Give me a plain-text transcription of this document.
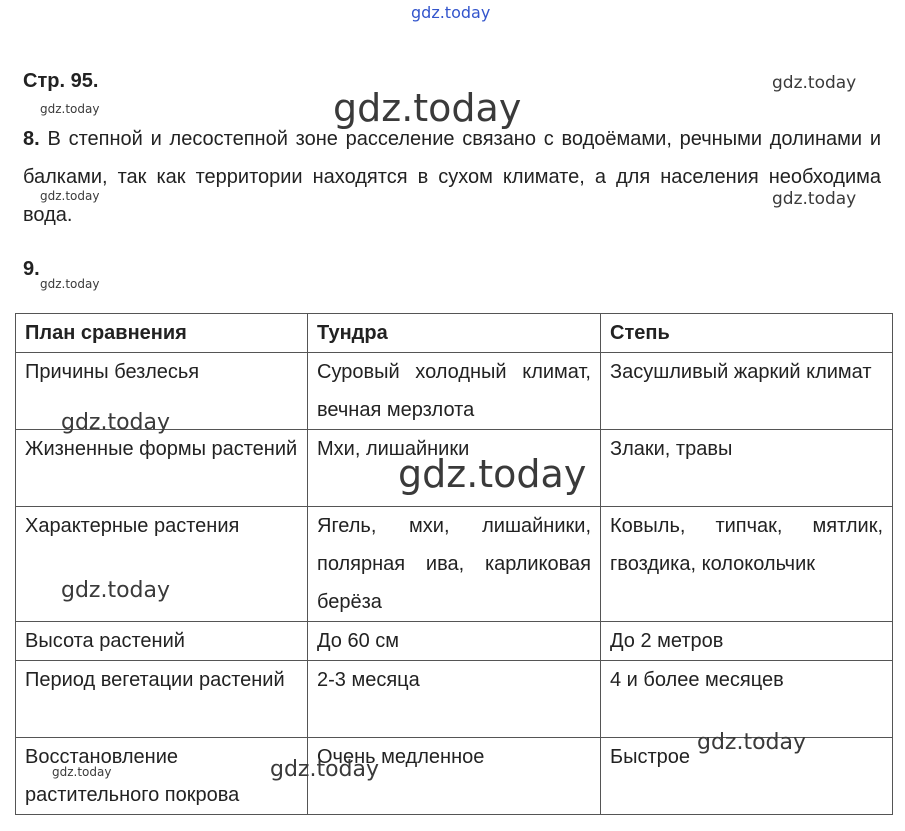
gdz.today
gdz.today
gdz.today	gdz.today
gdz.today	gdz.today
gdz.today
Стр. 95.
8. В степной и лесостепной зоне расселение связано с водоёмами, речными долинами и балками, так как территории находятся в сухом климате, а для населения необходима вода.
9.
План сравнения	Тундра	Степь
Причины безлесья	Суровый холодный климат, вечная мерзлота	Засушливый жаркий климат
Жизненные формы растений	Мхи, лишайники	Злаки, травы
Характерные растения	Ягель, мхи, лишайники, полярная ива, карликовая берёза	Ковыль, типчак, мятлик, гвоздика, колокольчик
Высота растений	До 60 см	До 2 метров
Период вегетации растений	2-3 месяца	4 и более месяцев
Восстановление растительного покрова	Очень медленное	Быстрое
gdz.today
gdz.today
gdz.today
gdz.today
gdz.today	gdz.today
